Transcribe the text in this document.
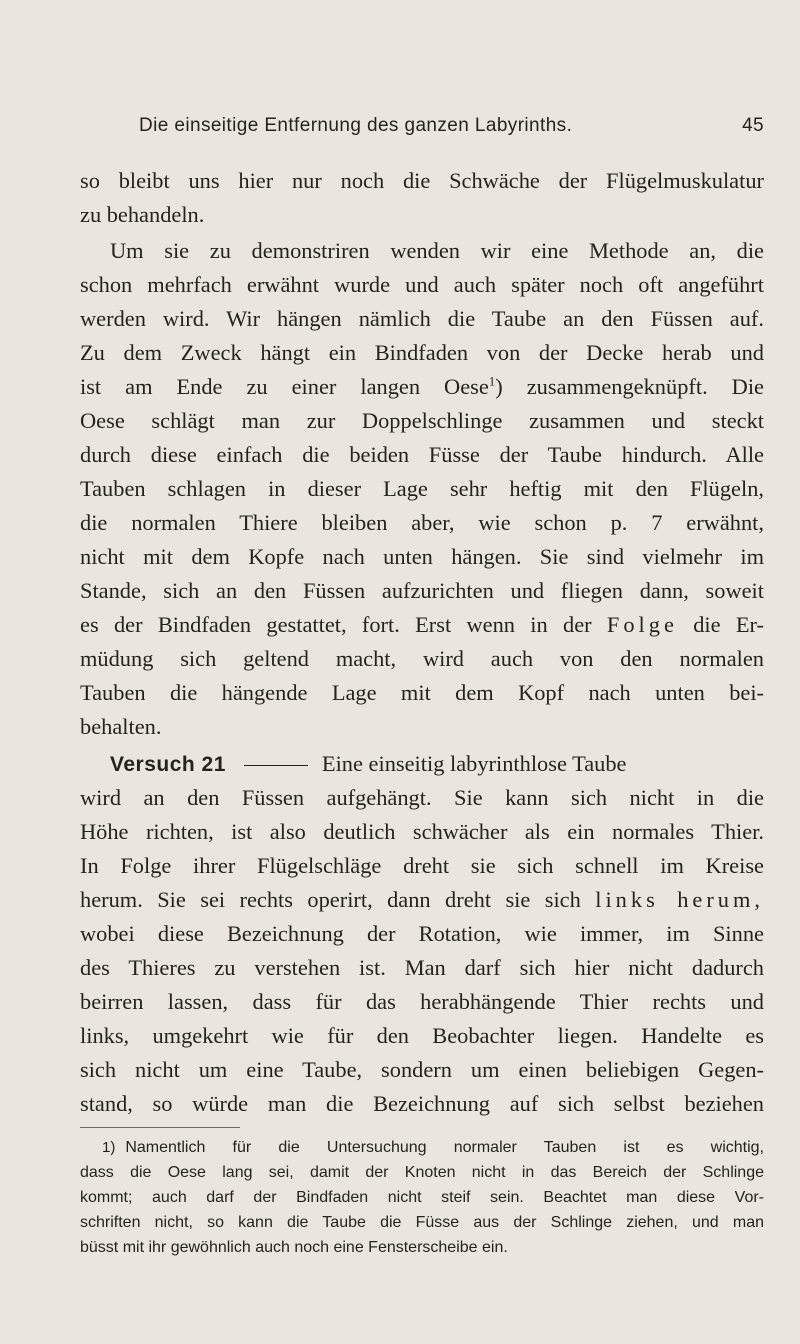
Die einseitige Entfernung des ganzen Labyrinths.	45
so bleibt uns hier nur noch die Schwäche der Flügelmuskulatur
zu behandeln.
Um sie zu demonstriren wenden wir eine Methode an, die
schon mehrfach erwähnt wurde und auch später noch oft angeführt
werden wird. Wir hängen nämlich die Taube an den Füssen auf.
Zu dem Zweck hängt ein Bindfaden von der Decke herab und
ist am Ende zu einer langen Oese$^1$) zusammengeknüpft. Die
Oese schlägt man zur Doppelschlinge zusammen und steckt
durch diese einfach die beiden Füsse der Taube hindurch. Alle
Tauben schlagen in dieser Lage sehr heftig mit den Flügeln,
die normalen Thiere bleiben aber, wie schon p. 7 erwähnt,
nicht mit dem Kopfe nach unten hängen. Sie sind vielmehr im
Stande, sich an den Füssen aufzurichten und fliegen dann, soweit
es der Bindfaden gestattet, fort. Erst wenn in der Folge die Er-
müdung sich geltend macht, wird auch von den normalen
Tauben die hängende Lage mit dem Kopf nach unten bei-
behalten.
Versuch 21	Eine einseitig labyrinthlose Taube
wird an den Füssen aufgehängt. Sie kann sich nicht in die
Höhe richten, ist also deutlich schwächer als ein normales Thier.
In Folge ihrer Flügelschläge dreht sie sich schnell im Kreise
herum. Sie sei rechts operirt, dann dreht sie sich links herum,
wobei diese Bezeichnung der Rotation, wie immer, im Sinne
des Thieres zu verstehen ist. Man darf sich hier nicht dadurch
beirren lassen, dass für das herabhängende Thier rechts und
links, umgekehrt wie für den Beobachter liegen. Handelte es
sich nicht um eine Taube, sondern um einen beliebigen Gegen-
stand, so würde man die Bezeichnung auf sich selbst beziehen
1) Namentlich für die Untersuchung normaler Tauben ist es wichtig,
dass die Oese lang sei, damit der Knoten nicht in das Bereich der Schlinge
kommt; auch darf der Bindfaden nicht steif sein. Beachtet man diese Vor-
schriften nicht, so kann die Taube die Füsse aus der Schlinge ziehen, und man
büsst mit ihr gewöhnlich auch noch eine Fensterscheibe ein.
